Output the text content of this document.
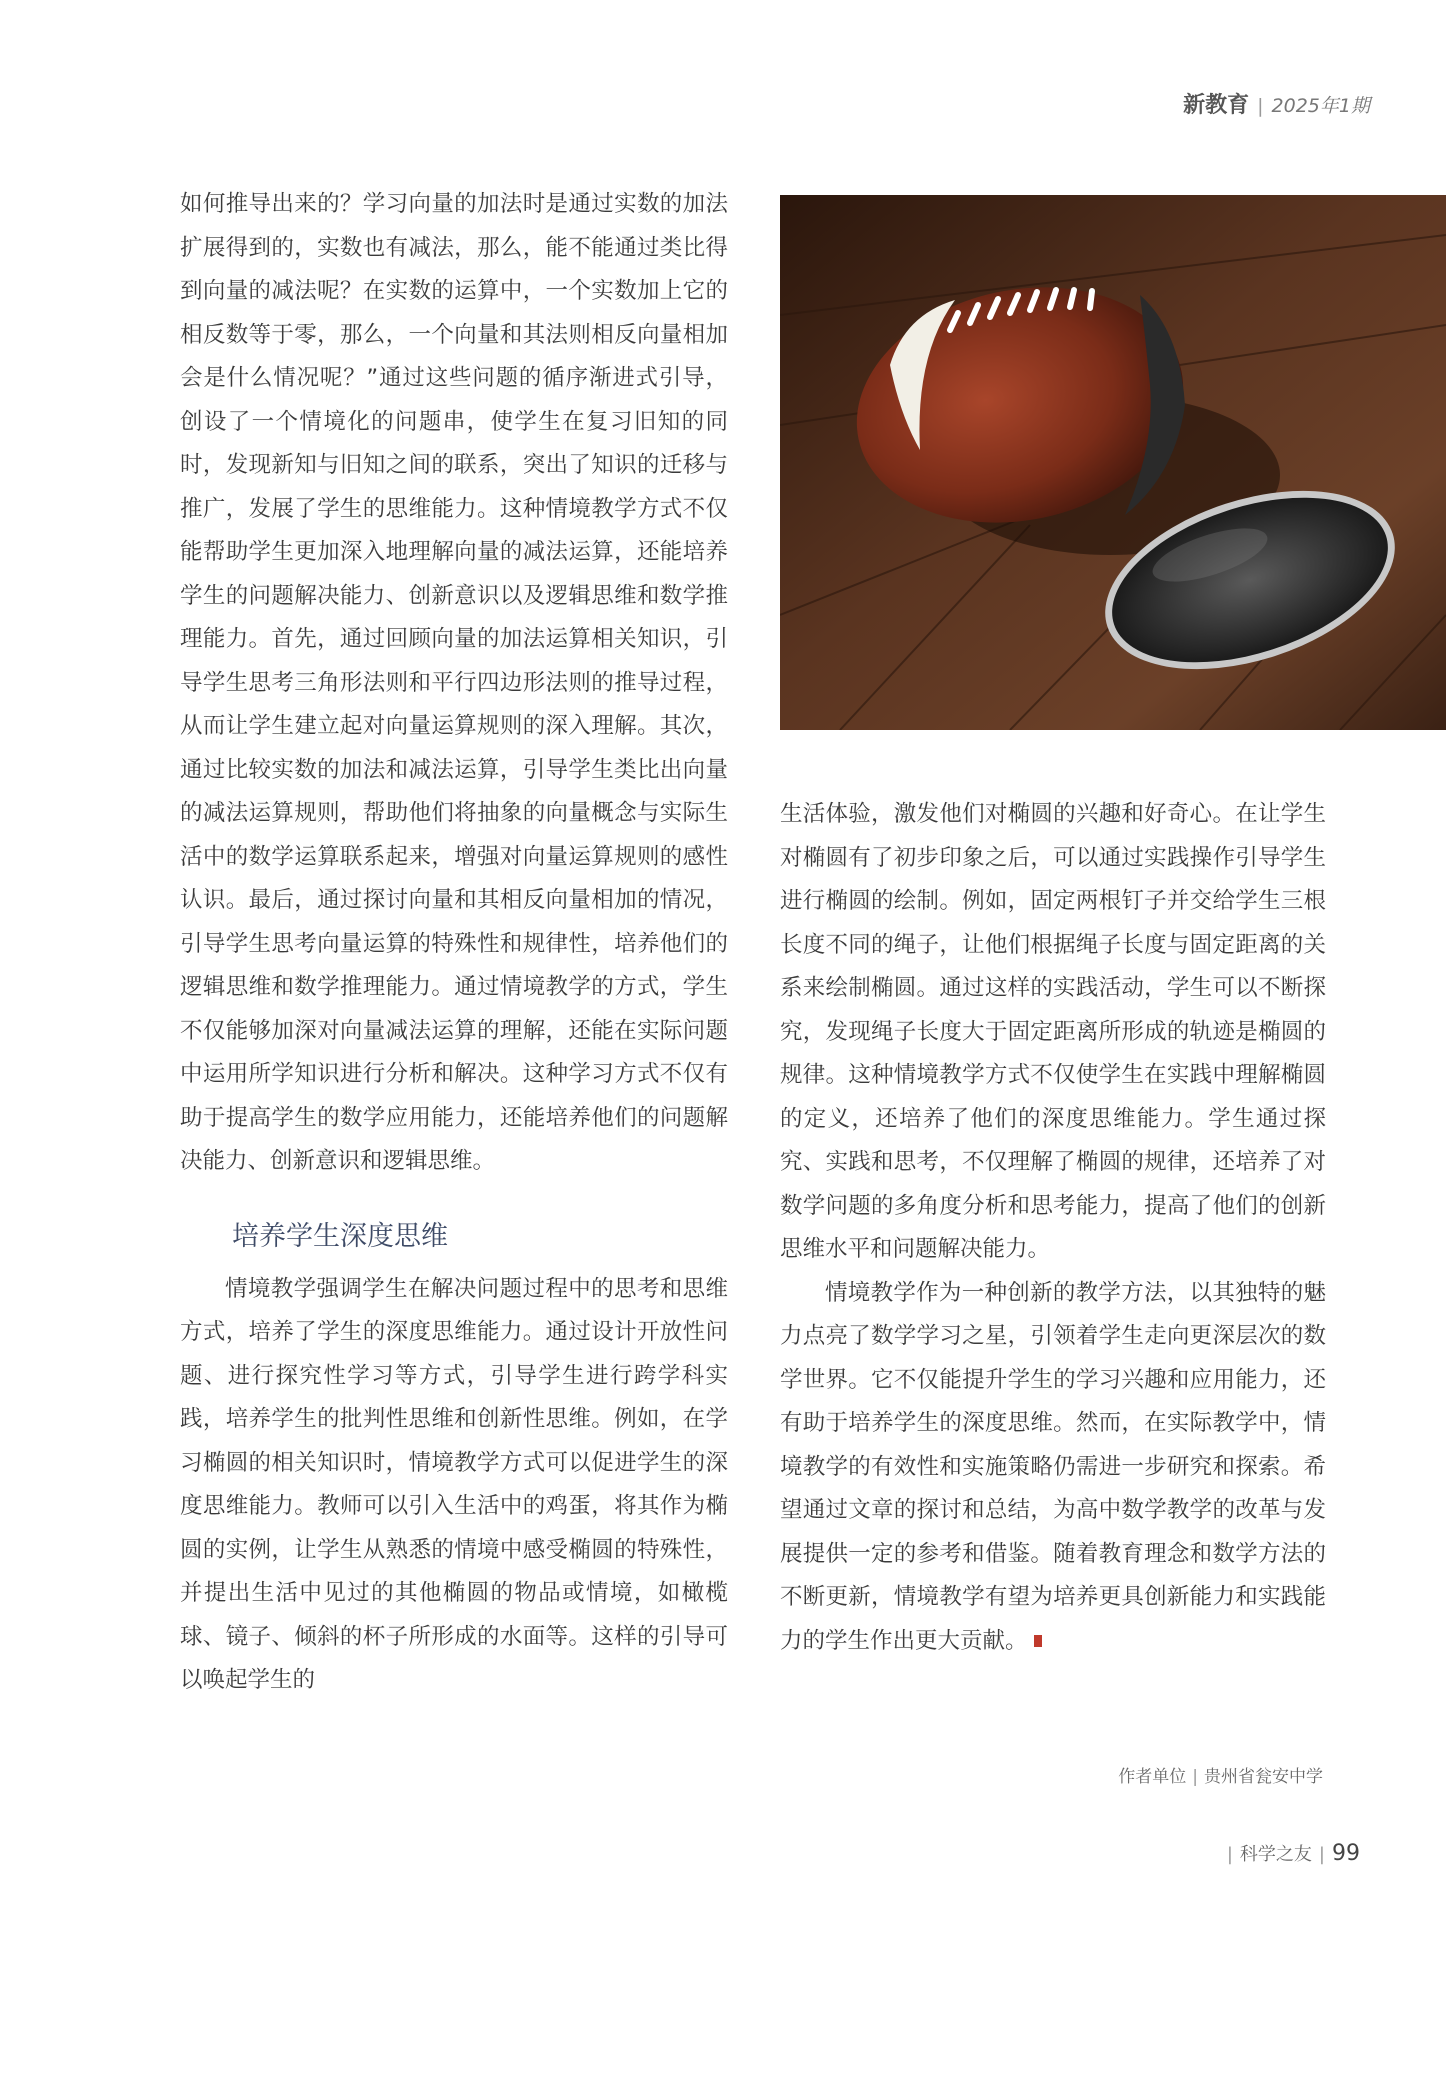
新教育 | 2025年1期

如何推导出来的？学习向量的加法时是通过实数的加法扩展得到的，实数也有减法，那么，能不能通过类比得到向量的减法呢？在实数的运算中，一个实数加上它的相反数等于零，那么，一个向量和其法则相反向量相加会是什么情况呢？”通过这些问题的循序渐进式引导，创设了一个情境化的问题串，使学生在复习旧知的同时，发现新知与旧知之间的联系，突出了知识的迁移与推广，发展了学生的思维能力。这种情境教学方式不仅能帮助学生更加深入地理解向量的减法运算，还能培养学生的问题解决能力、创新意识以及逻辑思维和数学推理能力。首先，通过回顾向量的加法运算相关知识，引导学生思考三角形法则和平行四边形法则的推导过程，从而让学生建立起对向量运算规则的深入理解。其次，通过比较实数的加法和减法运算，引导学生类比出向量的减法运算规则，帮助他们将抽象的向量概念与实际生活中的数学运算联系起来，增强对向量运算规则的感性认识。最后，通过探讨向量和其相反向量相加的情况，引导学生思考向量运算的特殊性和规律性，培养他们的逻辑思维和数学推理能力。通过情境教学的方式，学生不仅能够加深对向量减法运算的理解，还能在实际问题中运用所学知识进行分析和解决。这种学习方式不仅有助于提高学生的数学应用能力，还能培养他们的问题解决能力、创新意识和逻辑思维。

培养学生深度思维

情境教学强调学生在解决问题过程中的思考和思维方式，培养了学生的深度思维能力。通过设计开放性问题、进行探究性学习等方式，引导学生进行跨学科实践，培养学生的批判性思维和创新性思维。例如，在学习椭圆的相关知识时，情境教学方式可以促进学生的深度思维能力。教师可以引入生活中的鸡蛋，将其作为椭圆的实例，让学生从熟悉的情境中感受椭圆的特殊性，并提出生活中见过的其他椭圆的物品或情境，如橄榄球、镜子、倾斜的杯子所形成的水面等。这样的引导可以唤起学生的

生活体验，激发他们对椭圆的兴趣和好奇心。在让学生对椭圆有了初步印象之后，可以通过实践操作引导学生进行椭圆的绘制。例如，固定两根钉子并交给学生三根长度不同的绳子，让他们根据绳子长度与固定距离的关系来绘制椭圆。通过这样的实践活动，学生可以不断探究，发现绳子长度大于固定距离所形成的轨迹是椭圆的规律。这种情境教学方式不仅使学生在实践中理解椭圆的定义，还培养了他们的深度思维能力。学生通过探究、实践和思考，不仅理解了椭圆的规律，还培养了对数学问题的多角度分析和思考能力，提高了他们的创新思维水平和问题解决能力。

情境教学作为一种创新的教学方法，以其独特的魅力点亮了数学学习之星，引领着学生走向更深层次的数学世界。它不仅能提升学生的学习兴趣和应用能力，还有助于培养学生的深度思维。然而，在实际教学中，情境教学的有效性和实施策略仍需进一步研究和探索。希望通过文章的探讨和总结，为高中数学教学的改革与发展提供一定的参考和借鉴。随着教育理念和数学方法的不断更新，情境教学有望为培养更具创新能力和实践能力的学生作出更大贡献。

作者单位 | 贵州省瓮安中学
| 科学之友 | 99
